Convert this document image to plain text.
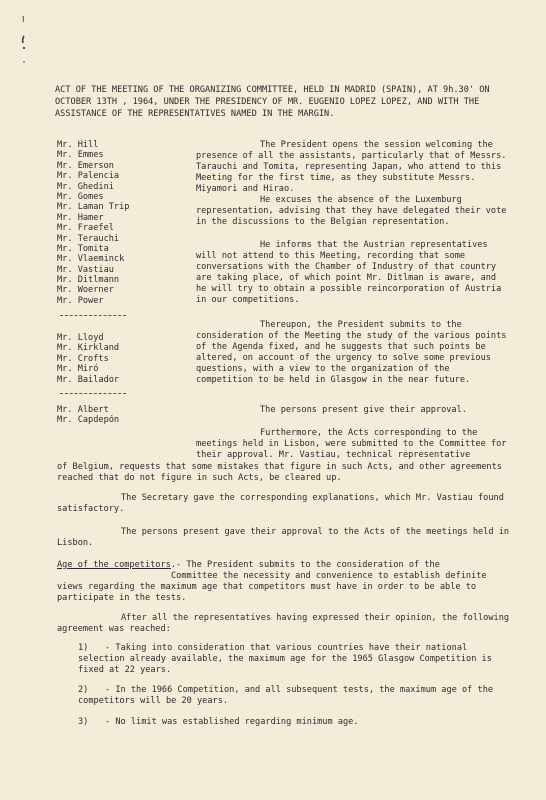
ACT OF THE MEETING OF THE ORGANIZING COMMITTEE, HELD IN MADRID (SPAIN), AT 9h.30' ON OCTOBER 13TH , 1964, UNDER THE PRESIDENCY OF MR. EUGENIO LOPEZ LOPEZ, AND WITH THE ASSISTANCE OF THE REPRESENTATIVES NAMED IN THE MARGIN.
Mr. Hill
Mr. Emmes
Mr. Emerson
Mr. Palencia
Mr. Ghedini
Mr. Gomes
Mr. Laman Trip
Mr. Hamer
Mr. Fraefel
Mr. Terauchi
Mr. Tomita
Mr. Vlaeminck
Mr. Vastiau
Mr. Ditlmann
Mr. Woerner
Mr. Power
Mr. Lloyd
Mr. Kirkland
Mr. Crofts
Mr. Miró
Mr. Bailador
Mr. Albert
Mr. Capdepón

The President opens the session welcoming the presence of all the assistants, particularly that of Messrs. Tarauchi and Tomita, representing Japan, who attend to this Meeting for the first time, as they substitute Messrs. Miyamori and Hirao.

He excuses the absence of the Luxemburg representation, advising that they have delegated their vote in the discussions to the Belgian representation.

He informs that the Austrian representatives will not attend to this Meeting, recording that some conversations with the Chamber of Industry of that country are taking place, of which point Mr. Ditlman is aware, and he will try to obtain a possible reincorporation of Austria in our competitions.

Thereupon, the President submits to the consideration of the Meeting the study of the various points of the Agenda fixed, and he suggests that such points be altered, on account of the urgency to solve some previous questions, with a view to the organization of the competition to be held in Glasgow in the near future.

The persons present give their approval.

Furthermore, the Acts corresponding to the meetings held in Lisbon, were submitted to the Committee for their approval. Mr. Vastiau, technical representative

of Belgium, requests that some mistakes that figure in such Acts, and other agreements reached that do not figure in such Acts, be cleared up.

The Secretary gave the corresponding explanations, which Mr. Vastiau found satisfactory.

The persons present gave their approval to the Acts of the meetings held in Lisbon.

Age of the competitors.- The President submits to the consideration of the

Committee the necessity and convenience to establish definite views regarding the maximum age that competitors must have in order to be able to participate in the tests.

After all the representatives having expressed their opinion, the following agreement was reached:

1) - Taking into consideration that various countries have their national selection already available, the maximum age for the 1965 Glasgow Competition is fixed at 22 years.
2) - In the 1966 Competition, and all subsequent tests, the maximum age of the competitors will be 20 years.
3) - No limit was established regarding minimum age.
